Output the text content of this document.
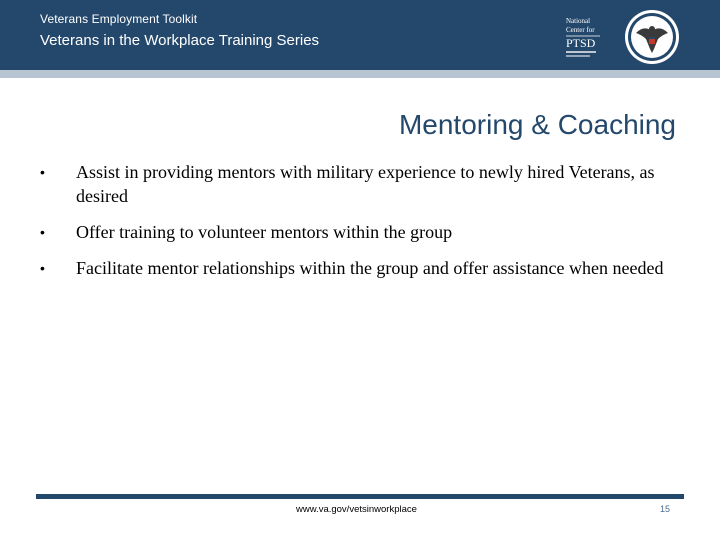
Veterans Employment Toolkit
Veterans in the Workplace Training Series
National
Center for
PTSD
Mentoring & Coaching
• Assist in providing mentors with military experience to newly hired Veterans, as desired
• Offer training to volunteer mentors within the group
• Facilitate mentor relationships within the group and offer assistance when needed
www.va.gov/vetsinworkplace	15
